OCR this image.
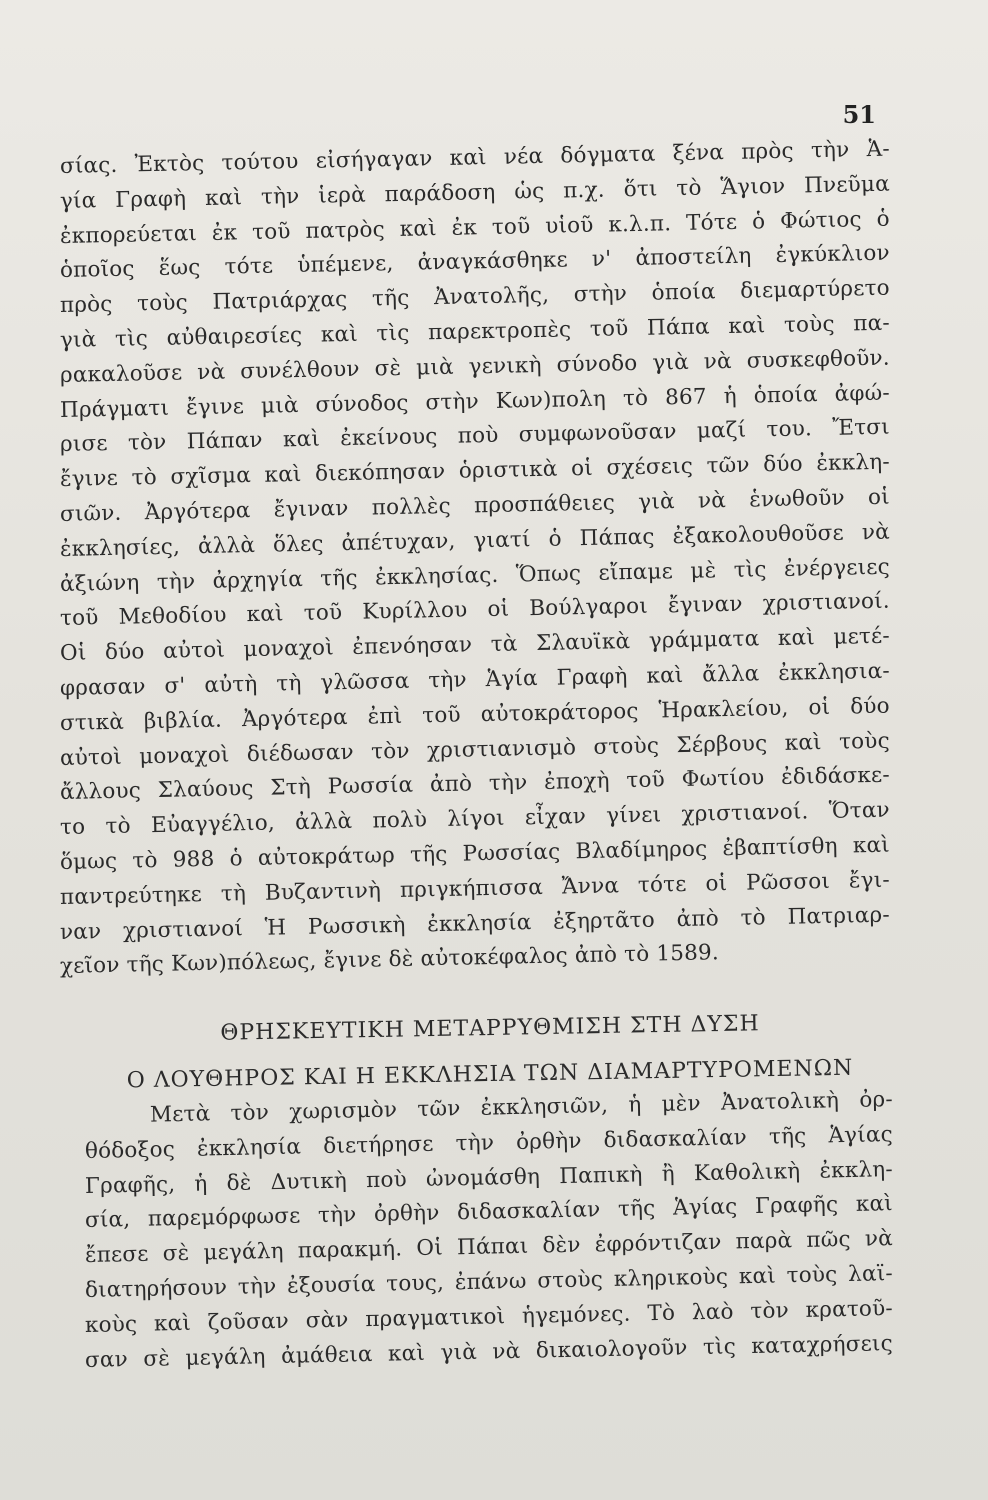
51
σίας. Ἐκτὸς τούτου εἰσήγαγαν καὶ νέα δόγματα ξένα πρὸς τὴν Ἁ-
γία Γραφὴ καὶ τὴν ἱερὰ παράδοση ὡς π.χ. ὅτι τὸ Ἅγιον Πνεῦμα
ἐκπορεύεται ἐκ τοῦ πατρὸς καὶ ἐκ τοῦ υἱοῦ κ.λ.π. Τότε ὁ Φώτιος ὁ
ὁποῖος ἕως τότε ὑπέμενε, ἀναγκάσθηκε ν' ἀποστείλη ἐγκύκλιον
πρὸς τοὺς Πατριάρχας τῆς Ἀνατολῆς, στὴν ὁποία διεμαρτύρετο
γιὰ τὶς αὐθαιρεσίες καὶ τὶς παρεκτροπὲς τοῦ Πάπα καὶ τοὺς πα-
ρακαλοῦσε νὰ συνέλθουν σὲ μιὰ γενικὴ σύνοδο γιὰ νὰ συσκεφθοῦν.
Πράγματι ἔγινε μιὰ σύνοδος στὴν Κων)πολη τὸ 867 ἡ ὁποία ἀφώ-
ρισε τὸν Πάπαν καὶ ἐκείνους ποὺ συμφωνοῦσαν μαζί του. Ἔτσι
ἔγινε τὸ σχῖσμα καὶ διεκόπησαν ὁριστικὰ οἱ σχέσεις τῶν δύο ἐκκλη-
σιῶν. Ἀργότερα ἔγιναν πολλὲς προσπάθειες γιὰ νὰ ἑνωθοῦν οἱ
ἐκκλησίες, ἀλλὰ ὅλες ἀπέτυχαν, γιατί ὁ Πάπας ἐξακολουθοῦσε νὰ
ἀξιώνη τὴν ἀρχηγία τῆς ἐκκλησίας. Ὅπως εἴπαμε μὲ τὶς ἐνέργειες
τοῦ Μεθοδίου καὶ τοῦ Κυρίλλου οἱ Βούλγαροι ἔγιναν χριστιανοί.
Οἱ δύο αὐτοὶ μοναχοὶ ἐπενόησαν τὰ Σλαυϊκὰ γράμματα καὶ μετέ-
φρασαν σ' αὐτὴ τὴ γλῶσσα τὴν Ἁγία Γραφὴ καὶ ἄλλα ἐκκλησια-
στικὰ βιβλία. Ἀργότερα ἐπὶ τοῦ αὐτοκράτορος Ἡρακλείου, οἱ δύο
αὐτοὶ μοναχοὶ διέδωσαν τὸν χριστιανισμὸ στοὺς Σέρβους καὶ τοὺς
ἄλλους Σλαύους Στὴ Ρωσσία ἀπὸ τὴν ἐποχὴ τοῦ Φωτίου ἐδιδάσκε-
το τὸ Εὐαγγέλιο, ἀλλὰ πολὺ λίγοι εἶχαν γίνει χριστιανοί. Ὅταν
ὅμως τὸ 988 ὁ αὐτοκράτωρ τῆς Ρωσσίας Βλαδίμηρος ἐβαπτίσθη καὶ
παντρεύτηκε τὴ Βυζαντινὴ πριγκήπισσα Ἄννα τότε οἱ Ρῶσσοι ἔγι-
ναν χριστιανοί Ἡ Ρωσσικὴ ἐκκλησία ἐξηρτᾶτο ἀπὸ τὸ Πατριαρ-
χεῖον τῆς Κων)πόλεως, ἔγινε δὲ αὐτοκέφαλος ἀπὸ τὸ 1589.
ΘΡΗΣΚΕΥΤΙΚΗ ΜΕΤΑΡΡΥΘΜΙΣΗ ΣΤΗ ΔΥΣΗ
Ο ΛΟΥΘΗΡΟΣ ΚΑΙ Η ΕΚΚΛΗΣΙΑ ΤΩΝ ΔΙΑΜΑΡΤΥΡΟΜΕΝΩΝ
Μετὰ τὸν χωρισμὸν τῶν ἐκκλησιῶν, ἡ μὲν Ἀνατολικὴ ὀρ-
θόδοξος ἐκκλησία διετήρησε τὴν ὀρθὴν διδασκαλίαν τῆς Ἁγίας
Γραφῆς, ἡ δὲ Δυτικὴ ποὺ ὠνομάσθη Παπικὴ ἢ Καθολικὴ ἐκκλη-
σία, παρεμόρφωσε τὴν ὀρθὴν διδασκαλίαν τῆς Ἁγίας Γραφῆς καὶ
ἔπεσε σὲ μεγάλη παρακμή. Οἱ Πάπαι δὲν ἐφρόντιζαν παρὰ πῶς νὰ
διατηρήσουν τὴν ἐξουσία τους, ἐπάνω στοὺς κληρικοὺς καὶ τοὺς λαϊ-
κοὺς καὶ ζοῦσαν σὰν πραγματικοὶ ἡγεμόνες. Τὸ λαὸ τὸν κρατοῦ-
σαν σὲ μεγάλη ἀμάθεια καὶ γιὰ νὰ δικαιολογοῦν τὶς καταχρήσεις
